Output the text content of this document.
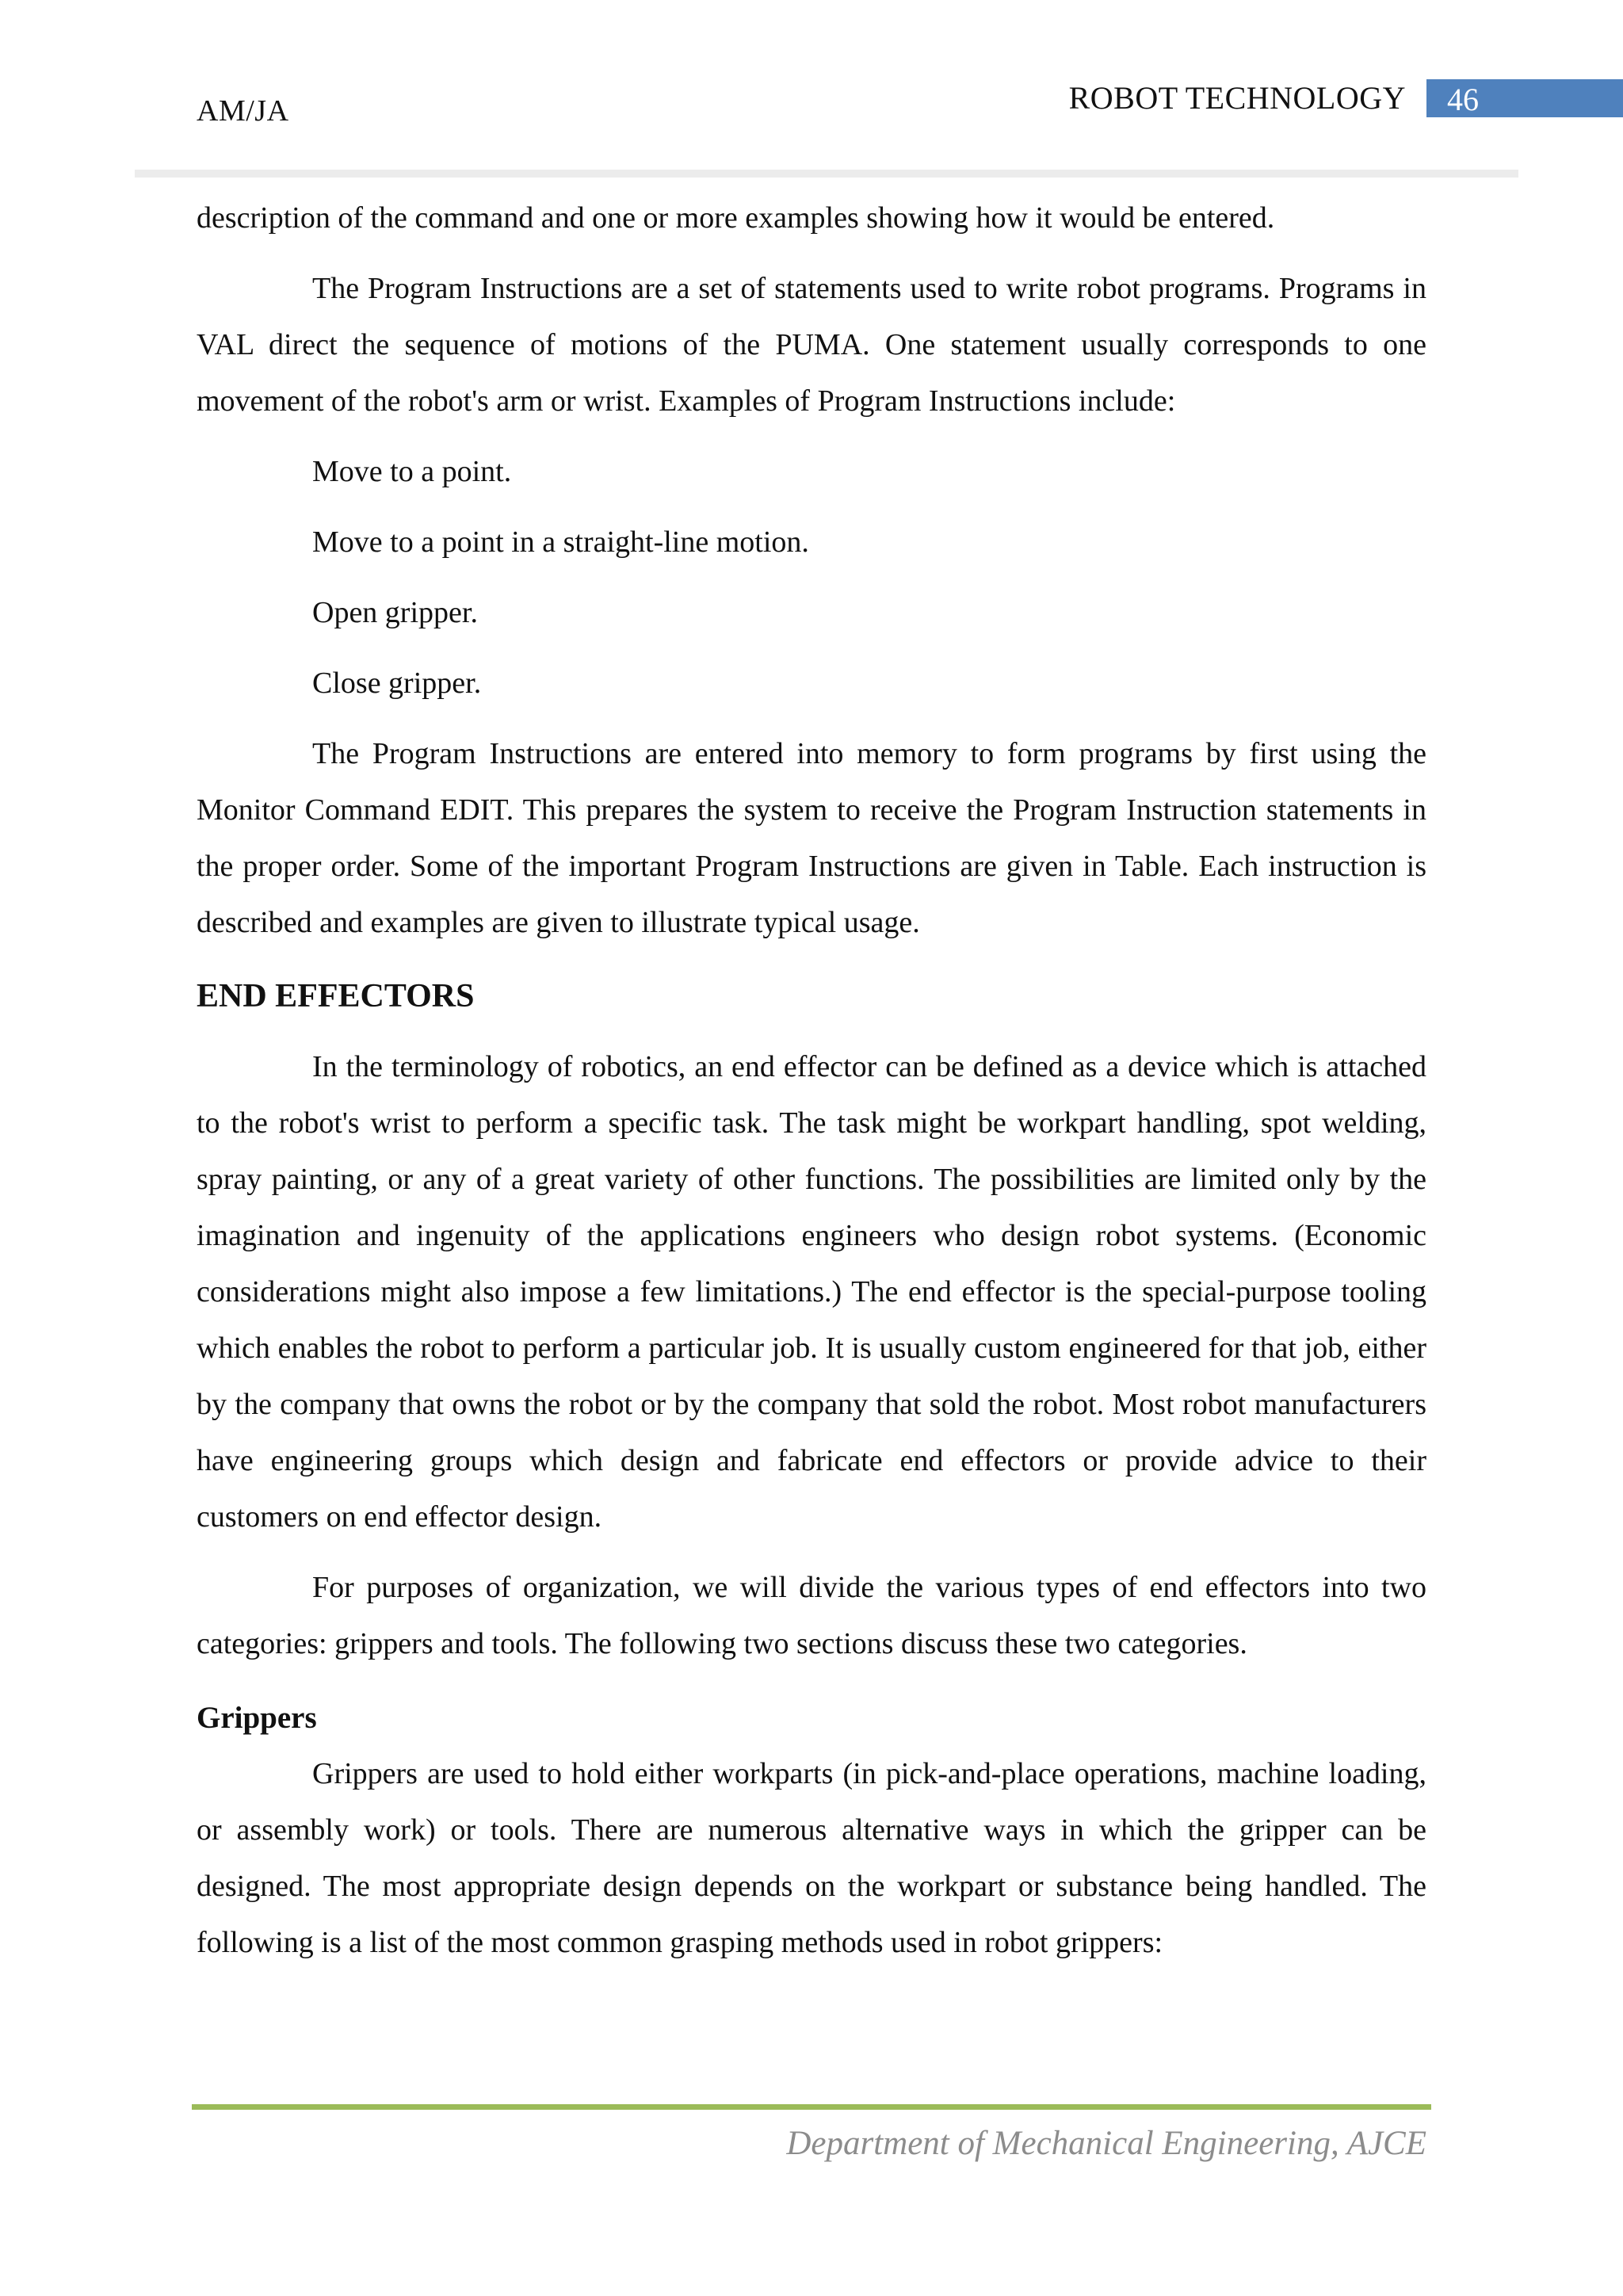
AM/JA	ROBOT TECHNOLOGY 46

description of the command and one or more examples showing how it would be entered.

The Program Instructions are a set of statements used to write robot programs. Programs in VAL direct the sequence of motions of the PUMA. One statement usually corresponds to one movement of the robot's arm or wrist. Examples of Program Instructions include:

Move to a point.

Move to a point in a straight-line motion.

Open gripper.

Close gripper.

The Program Instructions are entered into memory to form programs by first using the Monitor Command EDIT. This prepares the system to receive the Program Instruction statements in the proper order. Some of the important Program Instructions are given in Table. Each instruction is described and examples are given to illustrate typical usage.

END EFFECTORS

In the terminology of robotics, an end effector can be defined as a device which is attached to the robot's wrist to perform a specific task. The task might be workpart handling, spot welding, spray painting, or any of a great variety of other functions. The possibilities are limited only by the imagination and ingenuity of the applications engineers who design robot systems. (Economic considerations might also impose a few limitations.) The end effector is the special-purpose tooling which enables the robot to perform a particular job. It is usually custom engineered for that job, either by the company that owns the robot or by the company that sold the robot. Most robot manufacturers have engineering groups which design and fabricate end effectors or provide advice to their customers on end effector design.

For purposes of organization, we will divide the various types of end effectors into two categories: grippers and tools. The following two sections discuss these two categories.

Grippers

Grippers are used to hold either workparts (in pick-and-place operations, machine loading, or assembly work) or tools. There are numerous alternative ways in which the gripper can be designed. The most appropriate design depends on the workpart or substance being handled. The following is a list of the most common grasping methods used in robot grippers:

Department of Mechanical Engineering, AJCE
